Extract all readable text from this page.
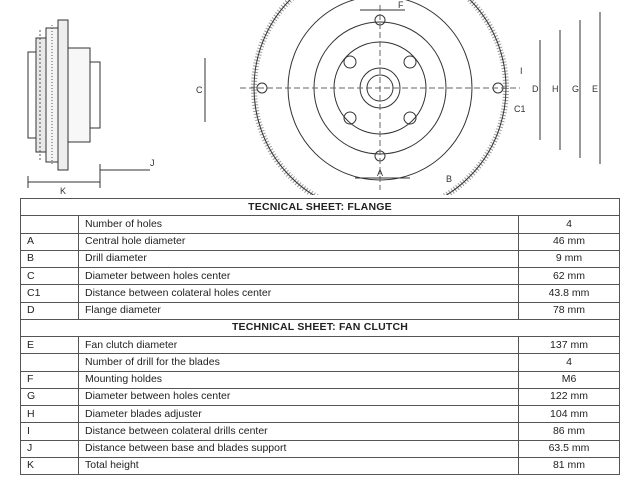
K
J
C
A
B
C1
I
D H G E
F
TECNICAL SHEET: FLANGE		
	Number of holes	4
A	Central hole diameter	46 mm
B	Drill diameter	9 mm
C	Diameter between holes center	62 mm
C1	Distance between colateral holes center	43.8 mm
D	Flange diameter	78 mm
TECHNICAL SHEET: FAN CLUTCH		
E	Fan clutch diameter	137 mm
	Number of drill for the blades	4
F	Mounting holdes	M6
G	Diameter between holes center	122 mm
H	Diameter blades adjuster	104 mm
I	Distance between colateral drills center	86 mm
J	Distance between base and blades support	63.5 mm
K	Total height	81 mm
